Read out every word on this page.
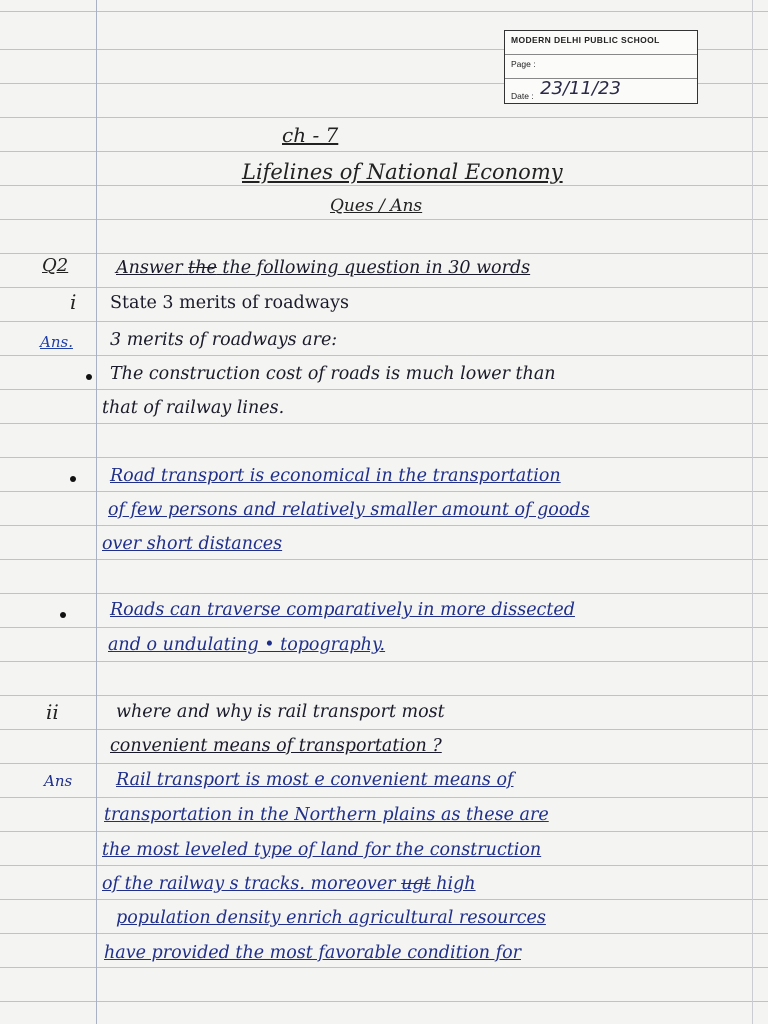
MODERN DELHI PUBLIC SCHOOL
Page :
Date : 23/11/23
ch - 7
Lifelines of National Economy
Ques / Ans
Q2	Answer the the following question in 30 words
i State 3 merits of roadways
Ans. 3 merits of roadways are:
The construction cost of roads is much lower than
that of railway lines.
Road transport is economical in the transportation
of few persons and relatively smaller amount of goods
over short distances
Roads can traverse comparatively in more dissected
and o undulating • topography.
ii	where and why is rail transport most
convenient means of transportation ?
Ans	Rail transport is most e convenient means of
transportation in the Northern plains as these are
the most leveled type of land for the construction
of the railway s tracks. moreover ugt high
population density enrich agricultural resources
have provided the most favorable condition for
